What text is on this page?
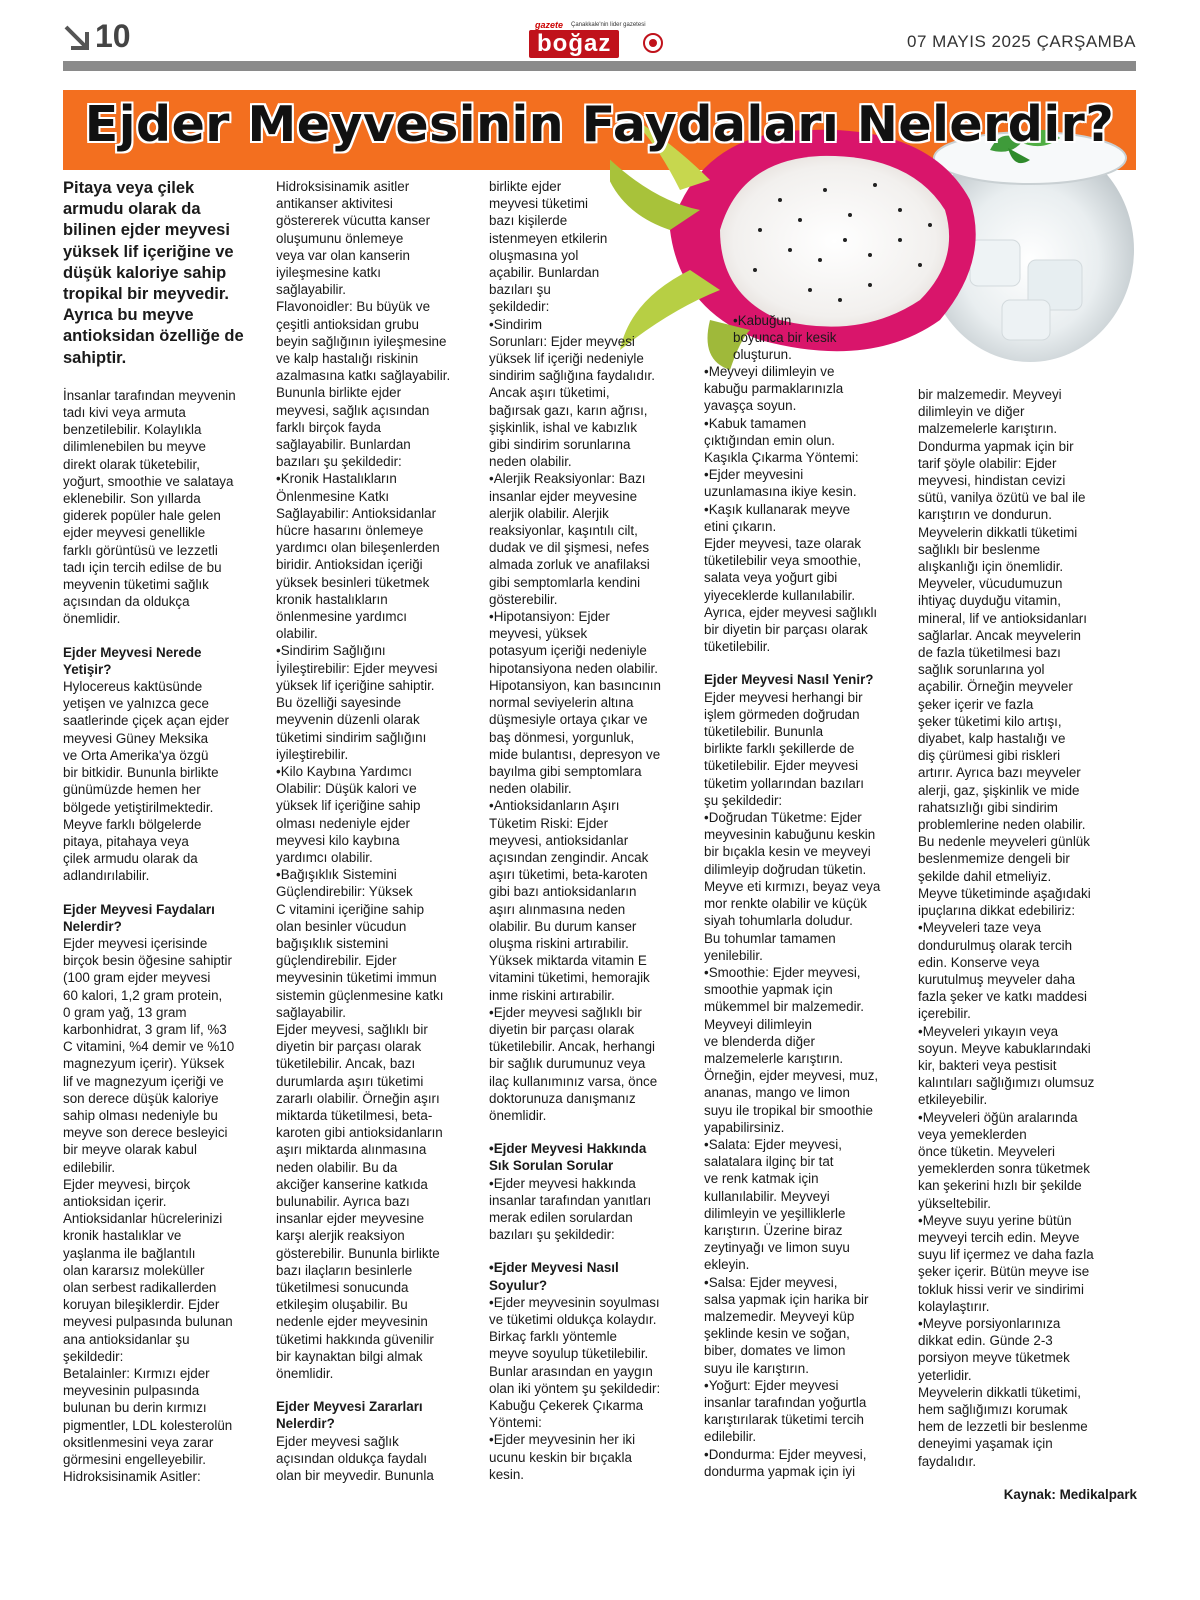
10	gazete Çanakkale'nin lider gazetesi
boğaz	07 MAYIS 2025 ÇARŞAMBA
Ejder Meyvesinin Faydaları Nelerdir?

Pitaya veya çilek
armudu olarak da
bilinen ejder meyvesi
yüksek lif içeriğine ve
düşük kaloriye sahip
tropikal bir meyvedir.
Ayrıca bu meyve
antioksidan özelliğe de
sahiptir.

İnsanlar tarafından meyvenin
tadı kivi veya armuta
benzetilebilir. Kolaylıkla
dilimlenebilen bu meyve
direkt olarak tüketebilir,
yoğurt, smoothie ve salataya
eklenebilir. Son yıllarda
giderek popüler hale gelen
ejder meyvesi genellikle
farklı görüntüsü ve lezzetli
tadı için tercih edilse de bu
meyvenin tüketimi sağlık
açısından da oldukça
önemlidir.

Ejder Meyvesi Nerede
Yetişir?

Hylocereus kaktüsünde
yetişen ve yalnızca gece
saatlerinde çiçek açan ejder
meyvesi Güney Meksika
ve Orta Amerika'ya özgü
bir bitkidir. Bununla birlikte
günümüzde hemen her
bölgede yetiştirilmektedir.
Meyve farklı bölgelerde
pitaya, pitahaya veya
çilek armudu olarak da
adlandırılabilir.

Ejder Meyvesi Faydaları
Nelerdir?

Ejder meyvesi içerisinde
birçok besin öğesine sahiptir
(100 gram ejder meyvesi
60 kalori, 1,2 gram protein,
0 gram yağ, 13 gram
karbonhidrat, 3 gram lif, %3
C vitamini, %4 demir ve %10
magnezyum içerir). Yüksek
lif ve magnezyum içeriği ve
son derece düşük kaloriye
sahip olması nedeniyle bu
meyve son derece besleyici
bir meyve olarak kabul
edilebilir.
Ejder meyvesi, birçok
antioksidan içerir.
Antioksidanlar hücrelerinizi
kronik hastalıklar ve
yaşlanma ile bağlantılı
olan kararsız moleküller
olan serbest radikallerden
koruyan bileşiklerdir. Ejder
meyvesi pulpasında bulunan
ana antioksidanlar şu
şekildedir:
Betalainler: Kırmızı ejder
meyvesinin pulpasında
bulunan bu derin kırmızı
pigmentler, LDL kolesterolün
oksitlenmesini veya zarar
görmesini engelleyebilir.
Hidroksisinamik Asitler:

Hidroksisinamik asitler
antikanser aktivitesi
göstererek vücutta kanser
oluşumunu önlemeye
veya var olan kanserin
iyileşmesine katkı
sağlayabilir.
Flavonoidler: Bu büyük ve
çeşitli antioksidan grubu
beyin sağlığının iyileşmesine
ve kalp hastalığı riskinin
azalmasına katkı sağlayabilir.
Bununla birlikte ejder
meyvesi, sağlık açısından
farklı birçok fayda
sağlayabilir. Bunlardan
bazıları şu şekildedir:
•Kronik Hastalıkların
Önlenmesine Katkı
Sağlayabilir: Antioksidanlar
hücre hasarını önlemeye
yardımcı olan bileşenlerden
biridir. Antioksidan içeriği
yüksek besinleri tüketmek
kronik hastalıkların
önlenmesine yardımcı
olabilir.
•Sindirim Sağlığını
İyileştirebilir: Ejder meyvesi
yüksek lif içeriğine sahiptir.
Bu özelliği sayesinde
meyvenin düzenli olarak
tüketimi sindirim sağlığını
iyileştirebilir.
•Kilo Kaybına Yardımcı
Olabilir: Düşük kalori ve
yüksek lif içeriğine sahip
olması nedeniyle ejder
meyvesi kilo kaybına
yardımcı olabilir.
•Bağışıklık Sistemini
Güçlendirebilir: Yüksek
C vitamini içeriğine sahip
olan besinler vücudun
bağışıklık sistemini
güçlendirebilir. Ejder
meyvesinin tüketimi immun
sistemin güçlenmesine katkı
sağlayabilir.
Ejder meyvesi, sağlıklı bir
diyetin bir parçası olarak
tüketilebilir. Ancak, bazı
durumlarda aşırı tüketimi
zararlı olabilir. Örneğin aşırı
miktarda tüketilmesi, beta-
karoten gibi antioksidanların
aşırı miktarda alınmasına
neden olabilir. Bu da
akciğer kanserine katkıda
bulunabilir. Ayrıca bazı
insanlar ejder meyvesine
karşı alerjik reaksiyon
gösterebilir. Bununla birlikte
bazı ilaçların besinlerle
tüketilmesi sonucunda
etkileşim oluşabilir. Bu
nedenle ejder meyvesinin
tüketimi hakkında güvenilir
bir kaynaktan bilgi almak
önemlidir.

Ejder Meyvesi Zararları
Nelerdir?

Ejder meyvesi sağlık
açısından oldukça faydalı
olan bir meyvedir. Bununla

birlikte ejder
meyvesi tüketimi
bazı kişilerde
istenmeyen etkilerin
oluşmasına yol
açabilir. Bunlardan
bazıları şu
şekildedir:
•Sindirim
Sorunları: Ejder meyvesi
yüksek lif içeriği nedeniyle
sindirim sağlığına faydalıdır.
Ancak aşırı tüketimi,
bağırsak gazı, karın ağrısı,
şişkinlik, ishal ve kabızlık
gibi sindirim sorunlarına
neden olabilir.
•Alerjik Reaksiyonlar: Bazı
insanlar ejder meyvesine
alerjik olabilir. Alerjik
reaksiyonlar, kaşıntılı cilt,
dudak ve dil şişmesi, nefes
almada zorluk ve anafilaksi
gibi semptomlarla kendini
gösterebilir.
•Hipotansiyon: Ejder
meyvesi, yüksek
potasyum içeriği nedeniyle
hipotansiyona neden olabilir.
Hipotansiyon, kan basıncının
normal seviyelerin altına
düşmesiyle ortaya çıkar ve
baş dönmesi, yorgunluk,
mide bulantısı, depresyon ve
bayılma gibi semptomlara
neden olabilir.
•Antioksidanların Aşırı
Tüketim Riski: Ejder
meyvesi, antioksidanlar
açısından zengindir. Ancak
aşırı tüketimi, beta-karoten
gibi bazı antioksidanların
aşırı alınmasına neden
olabilir. Bu durum kanser
oluşma riskini artırabilir.
Yüksek miktarda vitamin E
vitamini tüketimi, hemorajik
inme riskini artırabilir.
•Ejder meyvesi sağlıklı bir
diyetin bir parçası olarak
tüketilebilir. Ancak, herhangi
bir sağlık durumunuz veya
ilaç kullanımınız varsa, önce
doktorunuza danışmanız
önemlidir.

•Ejder Meyvesi Hakkında
Sık Sorulan Sorular

•Ejder meyvesi hakkında
insanlar tarafından yanıtları
merak edilen sorulardan
bazıları şu şekildedir:

•Ejder Meyvesi Nasıl
Soyulur?

•Ejder meyvesinin soyulması
ve tüketimi oldukça kolaydır.
Birkaç farklı yöntemle
meyve soyulup tüketilebilir.
Bunlar arasından en yaygın
olan iki yöntem şu şekildedir:
Kabuğu Çekerek Çıkarma
Yöntemi:
•Ejder meyvesinin her iki
ucunu keskin bir bıçakla
kesin.

•Kabuğun
boyunca bir kesik
oluşturun.

•Meyveyi dilimleyin ve
kabuğu parmaklarınızla
yavaşça soyun.
•Kabuk tamamen
çıktığından emin olun.
Kaşıkla Çıkarma Yöntemi:
•Ejder meyvesini
uzunlamasına ikiye kesin.
•Kaşık kullanarak meyve
etini çıkarın.
Ejder meyvesi, taze olarak
tüketilebilir veya smoothie,
salata veya yoğurt gibi
yiyeceklerde kullanılabilir.
Ayrıca, ejder meyvesi sağlıklı
bir diyetin bir parçası olarak
tüketilebilir.

Ejder Meyvesi Nasıl Yenir?

Ejder meyvesi herhangi bir
işlem görmeden doğrudan
tüketilebilir. Bununla
birlikte farklı şekillerde de
tüketilebilir. Ejder meyvesi
tüketim yollarından bazıları
şu şekildedir:
•Doğrudan Tüketme: Ejder
meyvesinin kabuğunu keskin
bir bıçakla kesin ve meyveyi
dilimleyip doğrudan tüketin.
Meyve eti kırmızı, beyaz veya
mor renkte olabilir ve küçük
siyah tohumlarla doludur.
Bu tohumlar tamamen
yenilebilir.
•Smoothie: Ejder meyvesi,
smoothie yapmak için
mükemmel bir malzemedir.
Meyveyi dilimleyin
ve blenderda diğer
malzemelerle karıştırın.
Örneğin, ejder meyvesi, muz,
ananas, mango ve limon
suyu ile tropikal bir smoothie
yapabilirsiniz.
•Salata: Ejder meyvesi,
salatalara ilginç bir tat
ve renk katmak için
kullanılabilir. Meyveyi
dilimleyin ve yeşilliklerle
karıştırın. Üzerine biraz
zeytinyağı ve limon suyu
ekleyin.
•Salsa: Ejder meyvesi,
salsa yapmak için harika bir
malzemedir. Meyveyi küp
şeklinde kesin ve soğan,
biber, domates ve limon
suyu ile karıştırın.
•Yoğurt: Ejder meyvesi
insanlar tarafından yoğurtla
karıştırılarak tüketimi tercih
edilebilir.
•Dondurma: Ejder meyvesi,
dondurma yapmak için iyi

bir malzemedir. Meyveyi
dilimleyin ve diğer
malzemelerle karıştırın.
Dondurma yapmak için bir
tarif şöyle olabilir: Ejder
meyvesi, hindistan cevizi
sütü, vanilya özütü ve bal ile
karıştırın ve dondurun.
Meyvelerin dikkatli tüketimi
sağlıklı bir beslenme
alışkanlığı için önemlidir.
Meyveler, vücudumuzun
ihtiyaç duyduğu vitamin,
mineral, lif ve antioksidanları
sağlarlar. Ancak meyvelerin
de fazla tüketilmesi bazı
sağlık sorunlarına yol
açabilir. Örneğin meyveler
şeker içerir ve fazla
şeker tüketimi kilo artışı,
diyabet, kalp hastalığı ve
diş çürümesi gibi riskleri
artırır. Ayrıca bazı meyveler
alerji, gaz, şişkinlik ve mide
rahatsızlığı gibi sindirim
problemlerine neden olabilir.
Bu nedenle meyveleri günlük
beslenmemize dengeli bir
şekilde dahil etmeliyiz.
Meyve tüketiminde aşağıdaki
ipuçlarına dikkat edebiliriz:
•Meyveleri taze veya
dondurulmuş olarak tercih
edin. Konserve veya
kurutulmuş meyveler daha
fazla şeker ve katkı maddesi
içerebilir.
•Meyveleri yıkayın veya
soyun. Meyve kabuklarındaki
kir, bakteri veya pestisit
kalıntıları sağlığımızı olumsuz
etkileyebilir.
•Meyveleri öğün aralarında
veya yemeklerden
önce tüketin. Meyveleri
yemeklerden sonra tüketmek
kan şekerini hızlı bir şekilde
yükseltebilir.
•Meyve suyu yerine bütün
meyveyi tercih edin. Meyve
suyu lif içermez ve daha fazla
şeker içerir. Bütün meyve ise
tokluk hissi verir ve sindirimi
kolaylaştırır.
•Meyve porsiyonlarınıza
dikkat edin. Günde 2-3
porsiyon meyve tüketmek
yeterlidir.
Meyvelerin dikkatli tüketimi,
hem sağlığımızı korumak
hem de lezzetli bir beslenme
deneyimi yaşamak için
faydalıdır.

Kaynak: Medikalpark
